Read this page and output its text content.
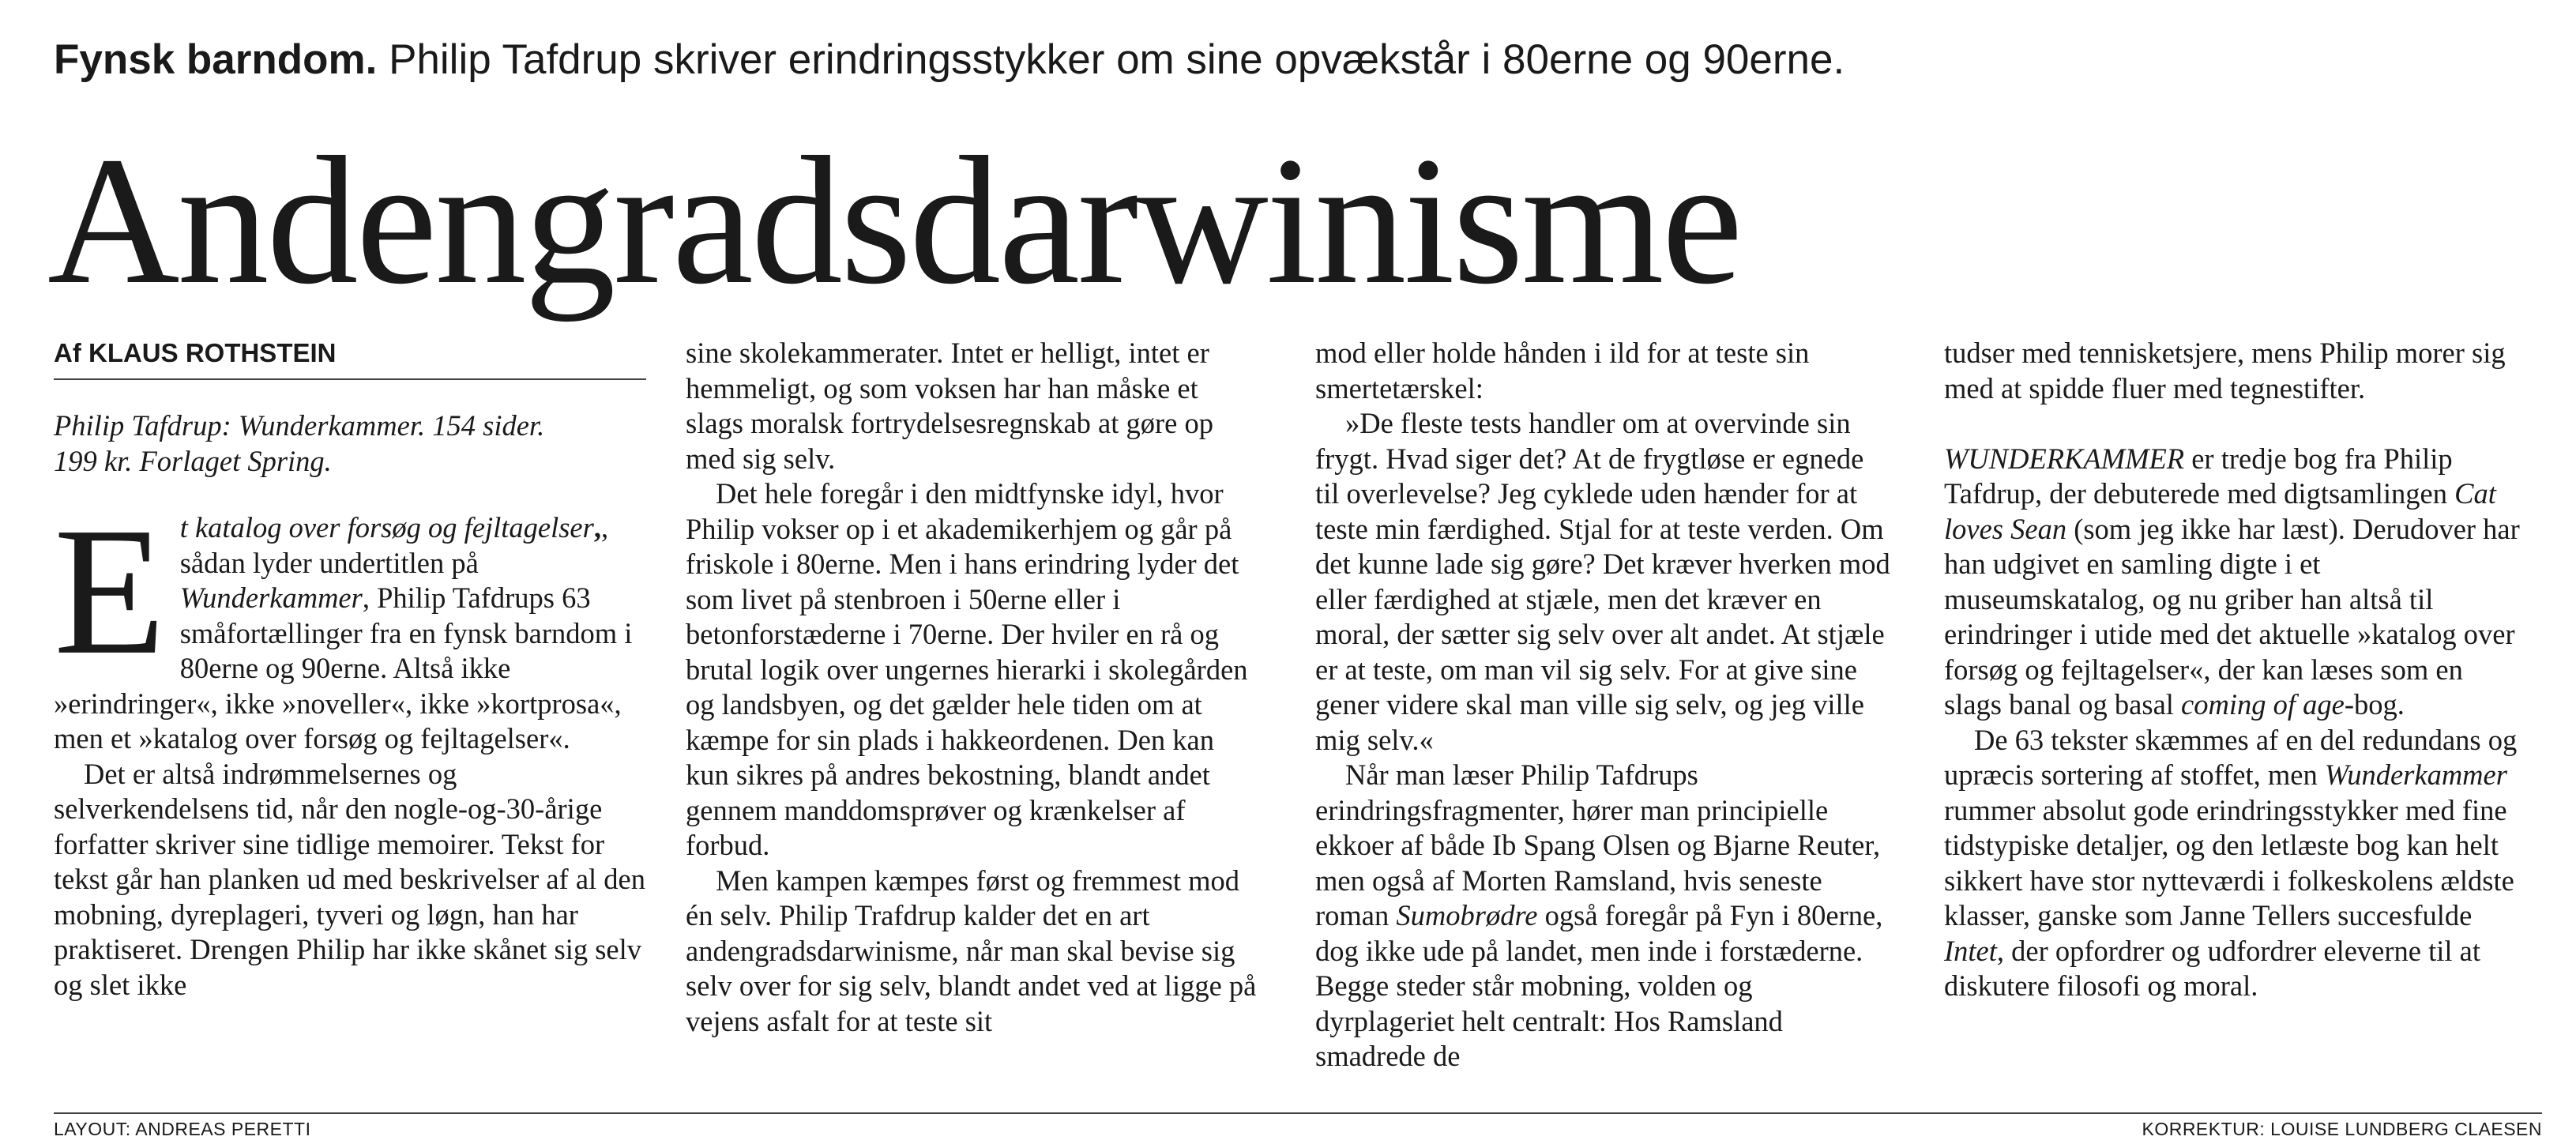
Fynsk barndom. Philip Tafdrup skriver erindringsstykker om sine opvækstår i 80erne og 90erne.
Andengradsdarwinisme
Af KLAUS ROTHSTEIN

Philip Tafdrup: Wunderkammer. 154 sider.
199 kr. Forlaget Spring.

Et katalog over forsøg og fejltagelser,, sådan lyder undertitlen på Wunderkammer, Philip Tafdrups 63 småfortællinger fra en fynsk barndom i 80erne og 90erne. Altså ikke »erindringer«, ikke »noveller«, ikke »kortprosa«, men et »katalog over forsøg og fejltagelser«.

Det er altså indrømmelsernes og selverkendelsens tid, når den nogle-og-30-årige forfatter skriver sine tidlige memoirer. Tekst for tekst går han planken ud med beskrivelser af al den mobning, dyreplageri, tyveri og løgn, han har praktiseret. Drengen Philip har ikke skånet sig selv og slet ikke

sine skolekammerater. Intet er helligt, intet er hemmeligt, og som voksen har han måske et slags moralsk fortrydelsesregnskab at gøre op med sig selv.

Det hele foregår i den midtfynske idyl, hvor Philip vokser op i et akademikerhjem og går på friskole i 80erne. Men i hans erindring lyder det som livet på stenbroen i 50erne eller i betonforstæderne i 70erne. Der hviler en rå og brutal logik over ungernes hierarki i skolegården og landsbyen, og det gælder hele tiden om at kæmpe for sin plads i hakkeordenen. Den kan kun sikres på andres bekostning, blandt andet gennem manddomsprøver og krænkelser af forbud.

Men kampen kæmpes først og fremmest mod én selv. Philip Trafdrup kalder det en art andengradsdarwinisme, når man skal bevise sig selv over for sig selv, blandt andet ved at ligge på vejens asfalt for at teste sit

mod eller holde hånden i ild for at teste sin smertetærskel:

»De fleste tests handler om at overvinde sin frygt. Hvad siger det? At de frygtløse er egnede til overlevelse? Jeg cyklede uden hænder for at teste min færdighed. Stjal for at teste verden. Om det kunne lade sig gøre? Det kræver hverken mod eller færdighed at stjæle, men det kræver en moral, der sætter sig selv over alt andet. At stjæle er at teste, om man vil sig selv. For at give sine gener videre skal man ville sig selv, og jeg ville mig selv.«

Når man læser Philip Tafdrups erindringsfragmenter, hører man principielle ekkoer af både Ib Spang Olsen og Bjarne Reuter, men også af Morten Ramsland, hvis seneste roman Sumobrødre også foregår på Fyn i 80erne, dog ikke ude på landet, men inde i forstæderne. Begge steder står mobning, volden og dyrplageriet helt centralt: Hos Ramsland smadrede de

tudser med tennisketsjere, mens Philip morer sig med at spidde fluer med tegnestifter.

WUNDERKAMMER er tredje bog fra Philip Tafdrup, der debuterede med digtsamlingen Cat loves Sean (som jeg ikke har læst). Derudover har han udgivet en samling digte i et museumskatalog, og nu griber han altså til erindringer i utide med det aktuelle »katalog over forsøg og fejltagelser«, der kan læses som en slags banal og basal coming of age-bog.

De 63 tekster skæmmes af en del redundans og upræcis sortering af stoffet, men Wunderkammer rummer absolut gode erindringsstykker med fine tidstypiske detaljer, og den letlæste bog kan helt sikkert have stor nytteværdi i folkeskolens ældste klasser, ganske som Janne Tellers succesfulde Intet, der opfordrer og udfordrer eleverne til at diskutere filosofi og moral.

LAYOUT: ANDREAS PERETTI	KORREKTUR: LOUISE LUNDBERG CLAESEN
